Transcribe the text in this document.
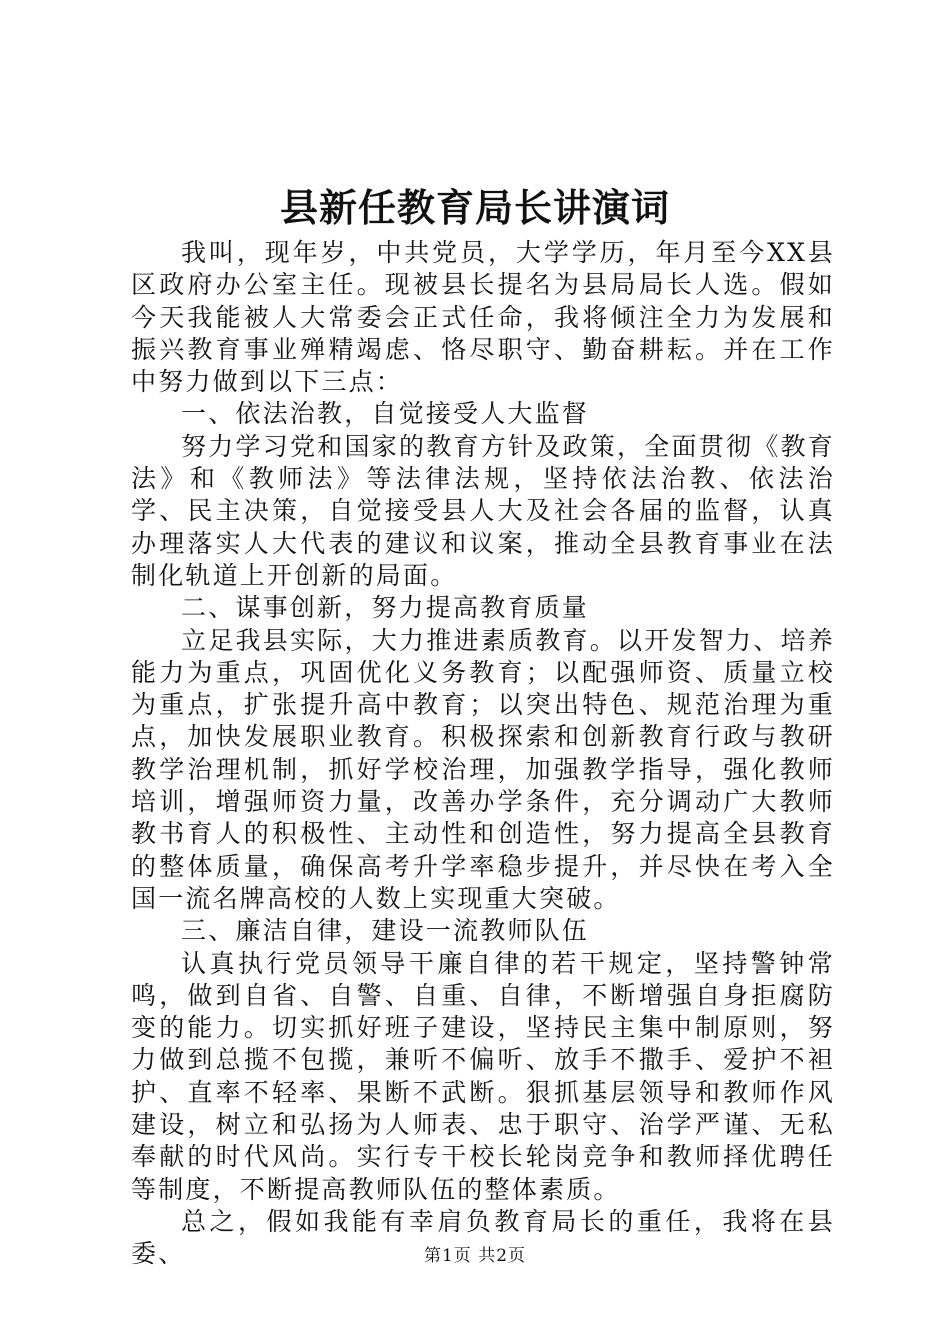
县新任教育局长讲演词

我叫，现年岁，中共党员，大学学历，年月至今XX县区政府办公室主任。现被县长提名为县局局长人选。假如今天我能被人大常委会正式任命，我将倾注全力为发展和振兴教育事业殚精竭虑、恪尽职守、勤奋耕耘。并在工作中努力做到以下三点：

一、依法治教，自觉接受人大监督

努力学习党和国家的教育方针及政策，全面贯彻《教育法》和《教师法》等法律法规，坚持依法治教、依法治学、民主决策，自觉接受县人大及社会各届的监督，认真办理落实人大代表的建议和议案，推动全县教育事业在法制化轨道上开创新的局面。

二、谋事创新，努力提高教育质量

立足我县实际，大力推进素质教育。以开发智力、培养能力为重点，巩固优化义务教育；以配强师资、质量立校为重点，扩张提升高中教育；以突出特色、规范治理为重点，加快发展职业教育。积极探索和创新教育行政与教研教学治理机制，抓好学校治理，加强教学指导，强化教师培训，增强师资力量，改善办学条件，充分调动广大教师教书育人的积极性、主动性和创造性，努力提高全县教育的整体质量，确保高考升学率稳步提升，并尽快在考入全国一流名牌高校的人数上实现重大突破。

三、廉洁自律，建设一流教师队伍

认真执行党员领导干廉自律的若干规定，坚持警钟常鸣，做到自省、自警、自重、自律，不断增强自身拒腐防变的能力。切实抓好班子建设，坚持民主集中制原则，努力做到总揽不包揽，兼听不偏听、放手不撒手、爱护不袒护、直率不轻率、果断不武断。狠抓基层领导和教师作风建设，树立和弘扬为人师表、忠于职守、治学严谨、无私奉献的时代风尚。实行专干校长轮岗竞争和教师择优聘任等制度，不断提高教师队伍的整体素质。

总之，假如我能有幸肩负教育局长的重任，我将在县委、	第1页 共2页
